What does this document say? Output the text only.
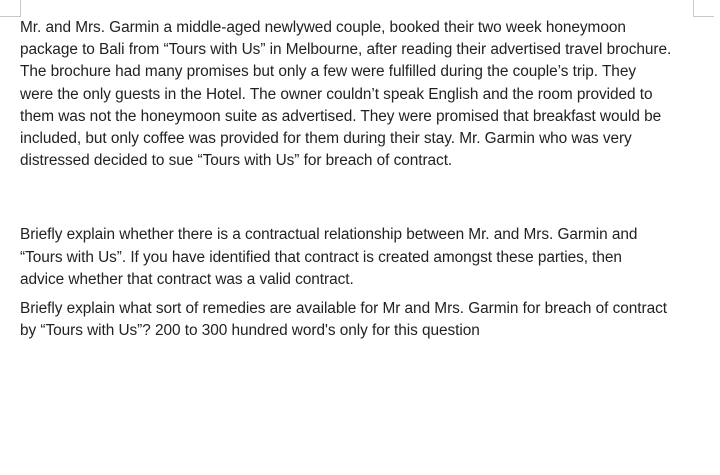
Mr. and Mrs. Garmin a middle-aged newlywed couple, booked their two week honeymoon
package to Bali from “Tours with Us” in Melbourne, after reading their advertised travel brochure.
The brochure had many promises but only a few were fulfilled during the couple’s trip. They
were the only guests in the Hotel. The owner couldn’t speak English and the room provided to
them was not the honeymoon suite as advertised. They were promised that breakfast would be
included, but only coffee was provided for them during their stay. Mr. Garmin who was very
distressed decided to sue “Tours with Us” for breach of contract.

Briefly explain whether there is a contractual relationship between Mr. and Mrs. Garmin and
“Tours with Us”. If you have identified that contract is created amongst these parties, then
advice whether that contract was a valid contract.

Briefly explain what sort of remedies are available for Mr and Mrs. Garmin for breach of contract
by “Tours with Us”? 200 to 300 hundred word's only for this question
